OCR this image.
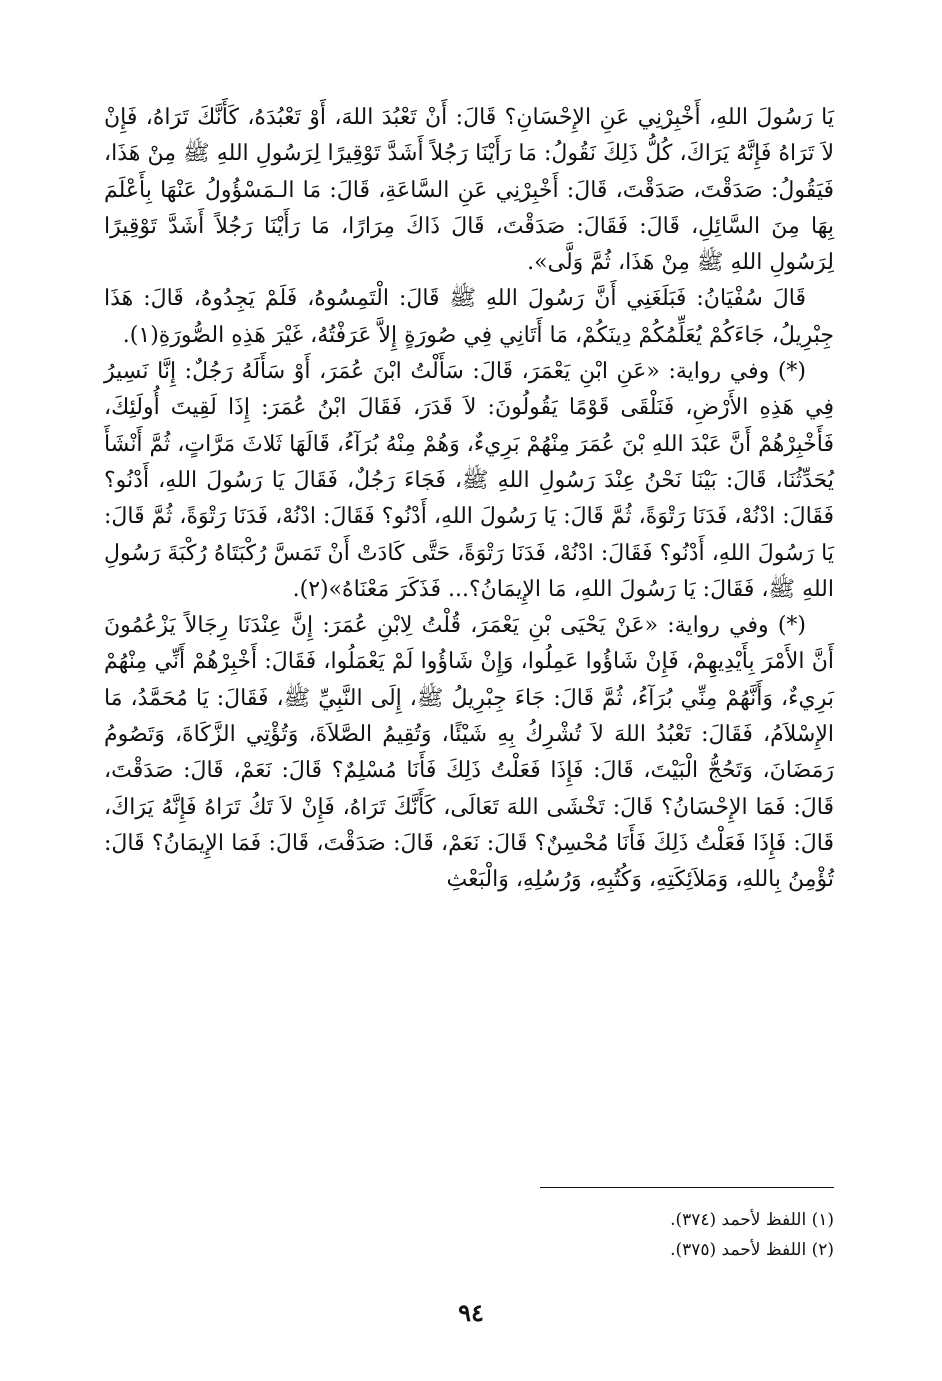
يَا رَسُولَ اللهِ، أَخْبِرْنِي عَنِ الإِحْسَانِ؟ قَالَ: أَنْ تَعْبُدَ اللهَ، أَوْ تَعْبُدَهُ، كَأَنَّكَ تَرَاهُ، فَإِنْ لاَ تَرَاهُ فَإِنَّهُ يَرَاكَ، كُلُّ ذَلِكَ نَقُولُ: مَا رَأَيْنَا رَجُلاً أَشَدَّ تَوْقِيرًا لِرَسُولِ اللهِ ﷺ مِنْ هَذَا، فَيَقُولُ: صَدَقْتَ، صَدَقْتَ، قَالَ: أَخْبِرْنِي عَنِ السَّاعَةِ، قَالَ: مَا الـمَسْؤُولُ عَنْهَا بِأَعْلَمَ بِهَا مِنَ السَّائِلِ، قَالَ: فَقَالَ: صَدَقْتَ، قَالَ ذَاكَ مِرَارًا، مَا رَأَيْنَا رَجُلاً أَشَدَّ تَوْقِيرًا لِرَسُولِ اللهِ ﷺ مِنْ هَذَا، ثُمَّ وَلَّى».

قَالَ سُفْيَانُ: فَبَلَغَنِي أَنَّ رَسُولَ اللهِ ﷺ قَالَ: الْتَمِسُوهُ، فَلَمْ يَجِدُوهُ، قَالَ: هَذَا جِبْرِيلُ، جَاءَكُمْ يُعَلِّمُكُمْ دِينَكُمْ، مَا أَتَانِي فِي صُورَةٍ إِلاَّ عَرَفْتُهُ، غَيْرَ هَذِهِ الصُّورَةِ(١).

(*) وفي رواية: «عَنِ ابْنِ يَعْمَرَ، قَالَ: سَأَلْتُ ابْنَ عُمَرَ، أَوْ سَأَلَهُ رَجُلٌ: إِنَّا نَسِيرُ فِي هَذِهِ الأَرْضِ، فَنَلْقَى قَوْمًا يَقُولُونَ: لاَ قَدَرَ، فَقَالَ ابْنُ عُمَرَ: إِذَا لَقِيتَ أُولَئِكَ، فَأَخْبِرْهُمْ أَنَّ عَبْدَ اللهِ بْنَ عُمَرَ مِنْهُمْ بَرِيءٌ، وَهُمْ مِنْهُ بُرَآءُ، قَالَهَا ثَلاثَ مَرَّاتٍ، ثُمَّ أَنْشَأَ يُحَدِّثُنَا، قَالَ: بَيْنَا نَحْنُ عِنْدَ رَسُولِ اللهِ ﷺ، فَجَاءَ رَجُلٌ، فَقَالَ يَا رَسُولَ اللهِ، أَدْنُو؟ فَقَالَ: ادْنُهْ، فَدَنَا رَتْوَةً، ثُمَّ قَالَ: يَا رَسُولَ اللهِ، أَدْنُو؟ فَقَالَ: ادْنُهْ، فَدَنَا رَتْوَةً، ثُمَّ قَالَ: يَا رَسُولَ اللهِ، أَدْنُو؟ فَقَالَ: ادْنُهْ، فَدَنَا رَتْوَةً، حَتَّى كَادَتْ أَنْ تَمَسَّ رُكْبَتَاهُ رُكْبَةَ رَسُولِ اللهِ ﷺ، فَقَالَ: يَا رَسُولَ اللهِ، مَا الإِيمَانُ؟... فَذَكَرَ مَعْنَاهُ»(٢).

(*) وفي رواية: «عَنْ يَحْيَى بْنِ يَعْمَرَ، قُلْتُ لِابْنِ عُمَرَ: إِنَّ عِنْدَنَا رِجَالاً يَزْعُمُونَ أَنَّ الأَمْرَ بِأَيْدِيهِمْ، فَإِنْ شَاؤُوا عَمِلُوا، وَإِنْ شَاؤُوا لَمْ يَعْمَلُوا، فَقَالَ: أَخْبِرْهُمْ أَنِّي مِنْهُمْ بَرِيءٌ، وَأَنَّهُمْ مِنِّي بُرَآءُ، ثُمَّ قَالَ: جَاءَ جِبْرِيلُ ﷺ، إِلَى النَّبِيِّ ﷺ، فَقَالَ: يَا مُحَمَّدُ، مَا الإِسْلاَمُ، فَقَالَ: تَعْبُدُ اللهَ لاَ تُشْرِكُ بِهِ شَيْئًا، وَتُقِيمُ الصَّلاَةَ، وَتُؤْتِي الزَّكَاةَ، وَتَصُومُ رَمَضَانَ، وَتَحُجُّ الْبَيْتَ، قَالَ: فَإِذَا فَعَلْتُ ذَلِكَ فَأَنَا مُسْلِمٌ؟ قَالَ: نَعَمْ، قَالَ: صَدَقْتَ، قَالَ: فَمَا الإِحْسَانُ؟ قَالَ: تَخْشَى اللهَ تَعَالَى، كَأَنَّكَ تَرَاهُ، فَإِنْ لاَ تَكُ تَرَاهُ فَإِنَّهُ يَرَاكَ، قَالَ: فَإِذَا فَعَلْتُ ذَلِكَ فَأَنَا مُحْسِنٌ؟ قَالَ: نَعَمْ، قَالَ: صَدَقْتَ، قَالَ: فَمَا الإِيمَانُ؟ قَالَ: تُؤْمِنُ بِاللهِ، وَمَلاَئِكَتِهِ، وَكُتُبِهِ، وَرُسُلِهِ، وَالْبَعْثِ

(١) اللفظ لأحمد (٣٧٤).
(٢) اللفظ لأحمد (٣٧٥).
٩٤
